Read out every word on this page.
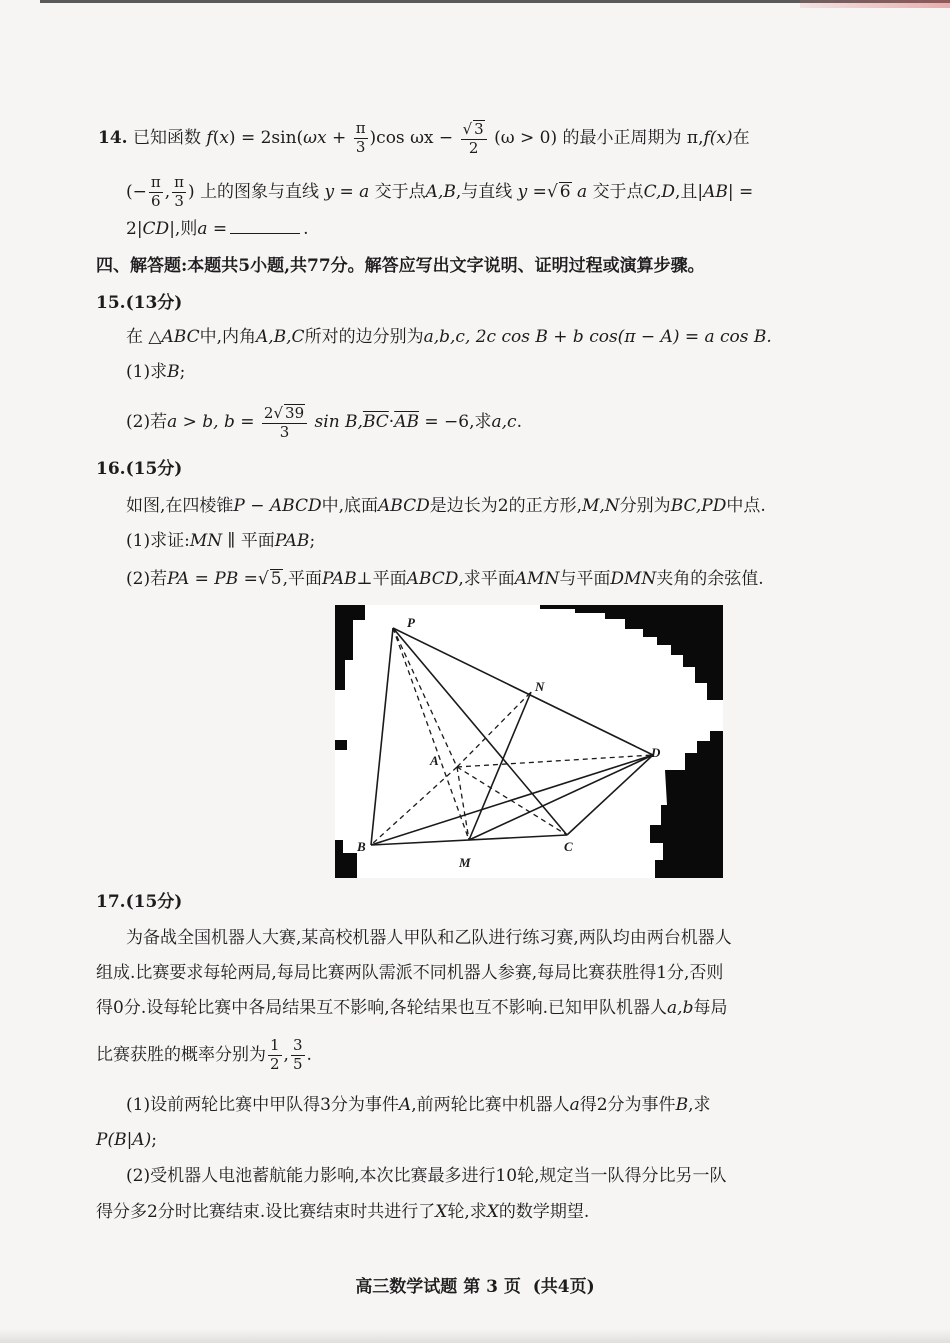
14. 已知函数 $f(x) = 2\sin(\omega x + \frac{\pi}{3} )\cos$ $\omega x - \frac{√ 3}{2} (\omega > 0)$ 的最小正周期为 π,f(x)在
(− $\frac{\pi}{6}$ , $\frac{\pi}{3}$ ) 上的图象与直线 y = a 交于点A,B,与直线 y =√ 6 a 交于点C,D,且|AB| =
2|CD|,则a =	.
四、解答题:本题共5小题,共77分。解答应写出文字说明、证明过程或演算步骤。
15.(13分)
在 △ABC中,内角A,B,C所对的边分别为a,b,c, 2c cos B + b cos(π − A) = a cos B.
(1)求B;
(2)若a > b, $b = \frac{2√ 39}{3}$ $\sin B,\overline{BC}\cdot\overline{AB} = -6$,求a,c.
16.(15分)
如图,在四棱锥P − ABCD中,底面ABCD是边长为2的正方形,M,N分别为BC,PD中点.
(1)求证:MN ∥ 平面PAB;
(2)若PA = PB =√ 5,平面PAB⊥平面ABCD,求平面AMN与平面DMN夹角的余弦值.
P
A
B	C
D
M
N
17.(15分)
为备战全国机器人大赛,某高校机器人甲队和乙队进行练习赛,两队均由两台机器人
组成.比赛要求每轮两局,每局比赛两队需派不同机器人参赛,每局比赛获胜得1分,否则
得0分.设每轮比赛中各局结果互不影响,各轮结果也互不影响.已知甲队机器人a,b每局
比赛获胜的概率分别为 $\frac{1}{2}$ , $\frac{3}{5}$ .
(1)设前两轮比赛中甲队得3分为事件A,前两轮比赛中机器人a得2分为事件B,求
P(B|A);
(2)受机器人电池蓄航能力影响,本次比赛最多进行10轮,规定当一队得分比另一队
得分多2分时比赛结束.设比赛结束时共进行了X轮,求X的数学期望.
高三数学试题 第 3 页 (共4页)
